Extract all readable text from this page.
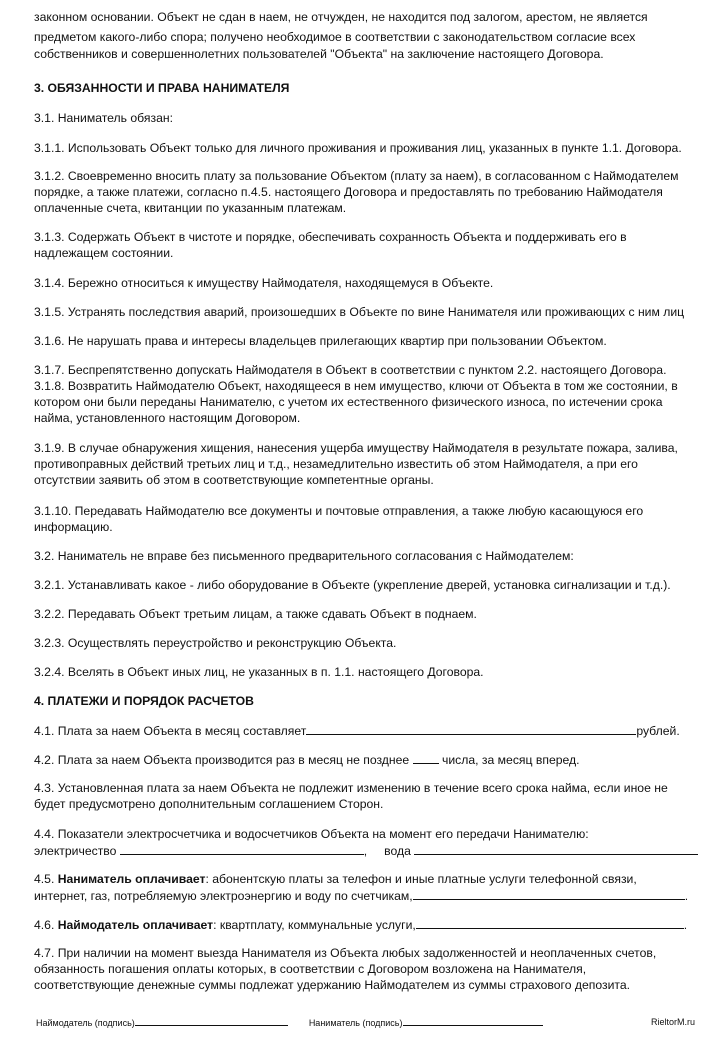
законном основании. Объект не сдан в наем, не отчужден, не находится под залогом, арестом, не является

предметом какого-либо спора; получено необходимое в соответствии с законодательством согласие всех

собственников и совершеннолетних пользователей "Объекта" на заключение настоящего Договора.

3. ОБЯЗАННОСТИ И ПРАВА НАНИМАТЕЛЯ

3.1. Наниматель обязан:

3.1.1. Использовать Объект только для личного проживания и проживания лиц, указанных в пункте 1.1. Договора.

3.1.2. Своевременно вносить плату за пользование Объектом (плату за наем), в согласованном с Наймодателем
порядке, а также платежи, согласно п.4.5. настоящего Договора и предоставлять по требованию Наймодателя
оплаченные счета, квитанции по указанным платежам.

3.1.3. Содержать Объект в чистоте и порядке, обеспечивать сохранность Объекта и поддерживать его в
надлежащем состоянии.

3.1.4. Бережно относиться к имуществу Наймодателя, находящемуся в Объекте.

3.1.5. Устранять последствия аварий, произошедших в Объекте по вине Нанимателя или проживающих с ним лиц

3.1.6. Не нарушать права и интересы владельцев прилегающих квартир при пользовании Объектом.

3.1.7. Беспрепятственно допускать Наймодателя в Объект в соответствии с пунктом 2.2. настоящего Договора.
3.1.8. Возвратить Наймодателю Объект, находящееся в нем имущество, ключи от Объекта в том же состоянии, в
котором они были переданы Нанимателю, с учетом их естественного физического износа, по истечении срока
найма, установленного настоящим Договором.

3.1.9. В случае обнаружения хищения, нанесения ущерба имуществу Наймодателя в результате пожара, залива,
противоправных действий третьих лиц и т.д., незамедлительно известить об этом Наймодателя, а при его
отсутствии заявить об этом в соответствующие компетентные органы.

3.1.10. Передавать Наймодателю все документы и почтовые отправления, а также любую касающуюся его
информацию.

3.2. Наниматель не вправе без письменного предварительного согласования с Наймодателем:

3.2.1. Устанавливать какое - либо оборудование в Объекте (укрепление дверей, установка сигнализации и т.д.).

3.2.2. Передавать Объект третьим лицам, а также сдавать Объект в поднаем.

3.2.3. Осуществлять переустройство и реконструкцию Объекта.

3.2.4. Вселять в Объект иных лиц, не указанных в п. 1.1. настоящего Договора.

4. ПЛАТЕЖИ И ПОРЯДОК РАСЧЕТОВ

4.1. Плата за наем Объекта в месяц составляет	рублей.

4.2. Плата за наем Объекта производится раз в месяц не позднее	числа, за месяц вперед.

4.3. Установленная плата за наем Объекта не подлежит изменению в течение всего срока найма, если иное не
будет предусмотрено дополнительным соглашением Сторон.

4.4. Показатели электросчетчика и водосчетчиков Объекта на момент его передачи Нанимателю:

электричество	, вода

4.5. Наниматель оплачивает: абонентскую платы за телефон и иные платные услуги телефонной связи,

интернет, газ, потребляемую электроэнергию и воду по счетчикам,	.

4.6. Наймодатель оплачивает: квартплату, коммунальные услуги,	.

4.7. При наличии на момент выезда Нанимателя из Объекта любых задолженностей и неоплаченных счетов,
обязанность погашения оплаты которых, в соответствии с Договором возложена на Нанимателя,
соответствующие денежные суммы подлежат удержанию Наймодателем из суммы страхового депозита.

Наймодатель (подпись)	Наниматель (подпись)	RieltorM.ru
